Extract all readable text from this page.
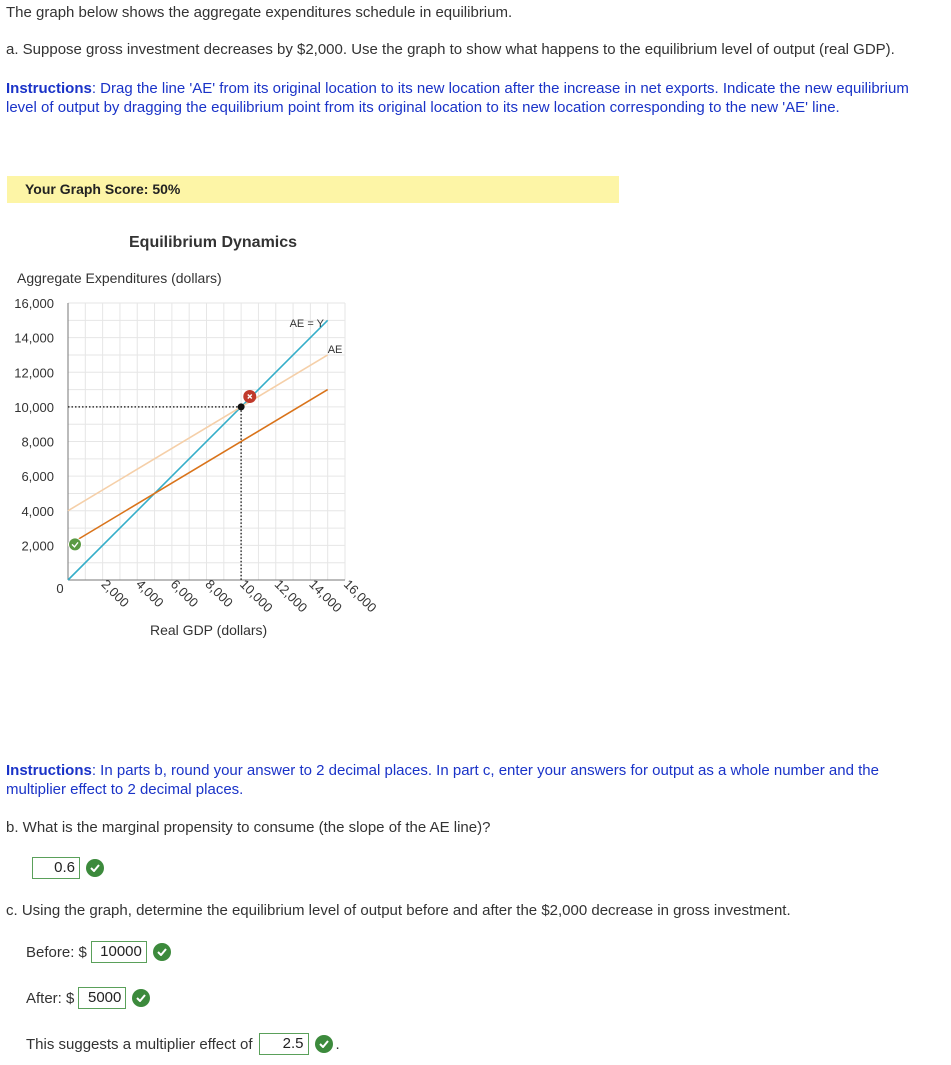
The graph below shows the aggregate expenditures schedule in equilibrium.
a. Suppose gross investment decreases by $2,000. Use the graph to show what happens to the equilibrium level of output (real GDP).
Instructions: Drag the line 'AE' from its original location to its new location after the increase in net exports. Indicate the new equilibrium level of output by dragging the equilibrium point from its original location to its new location corresponding to the new 'AE' line.
Your Graph Score: 50%
Equilibrium Dynamics
Aggregate Expenditures (dollars)
Real GDP (dollars)
2,000
4,000
6,000
8,000
10,000
12,000
14,000
16,000
0	2,000 4,000 6,000 8,000 10,000
12,000
14,000
16,000
AE = Y
AE
Instructions: In parts b, round your answer to 2 decimal places. In part c, enter your answers for output as a whole number and the multiplier effect to 2 decimal places.
b. What is the marginal propensity to consume (the slope of the AE line)?
0.6
c. Using the graph, determine the equilibrium level of output before and after the $2,000 decrease in gross investment.
Before: $ 10000
After: $ 5000
This suggests a multiplier effect of	2.5	.
